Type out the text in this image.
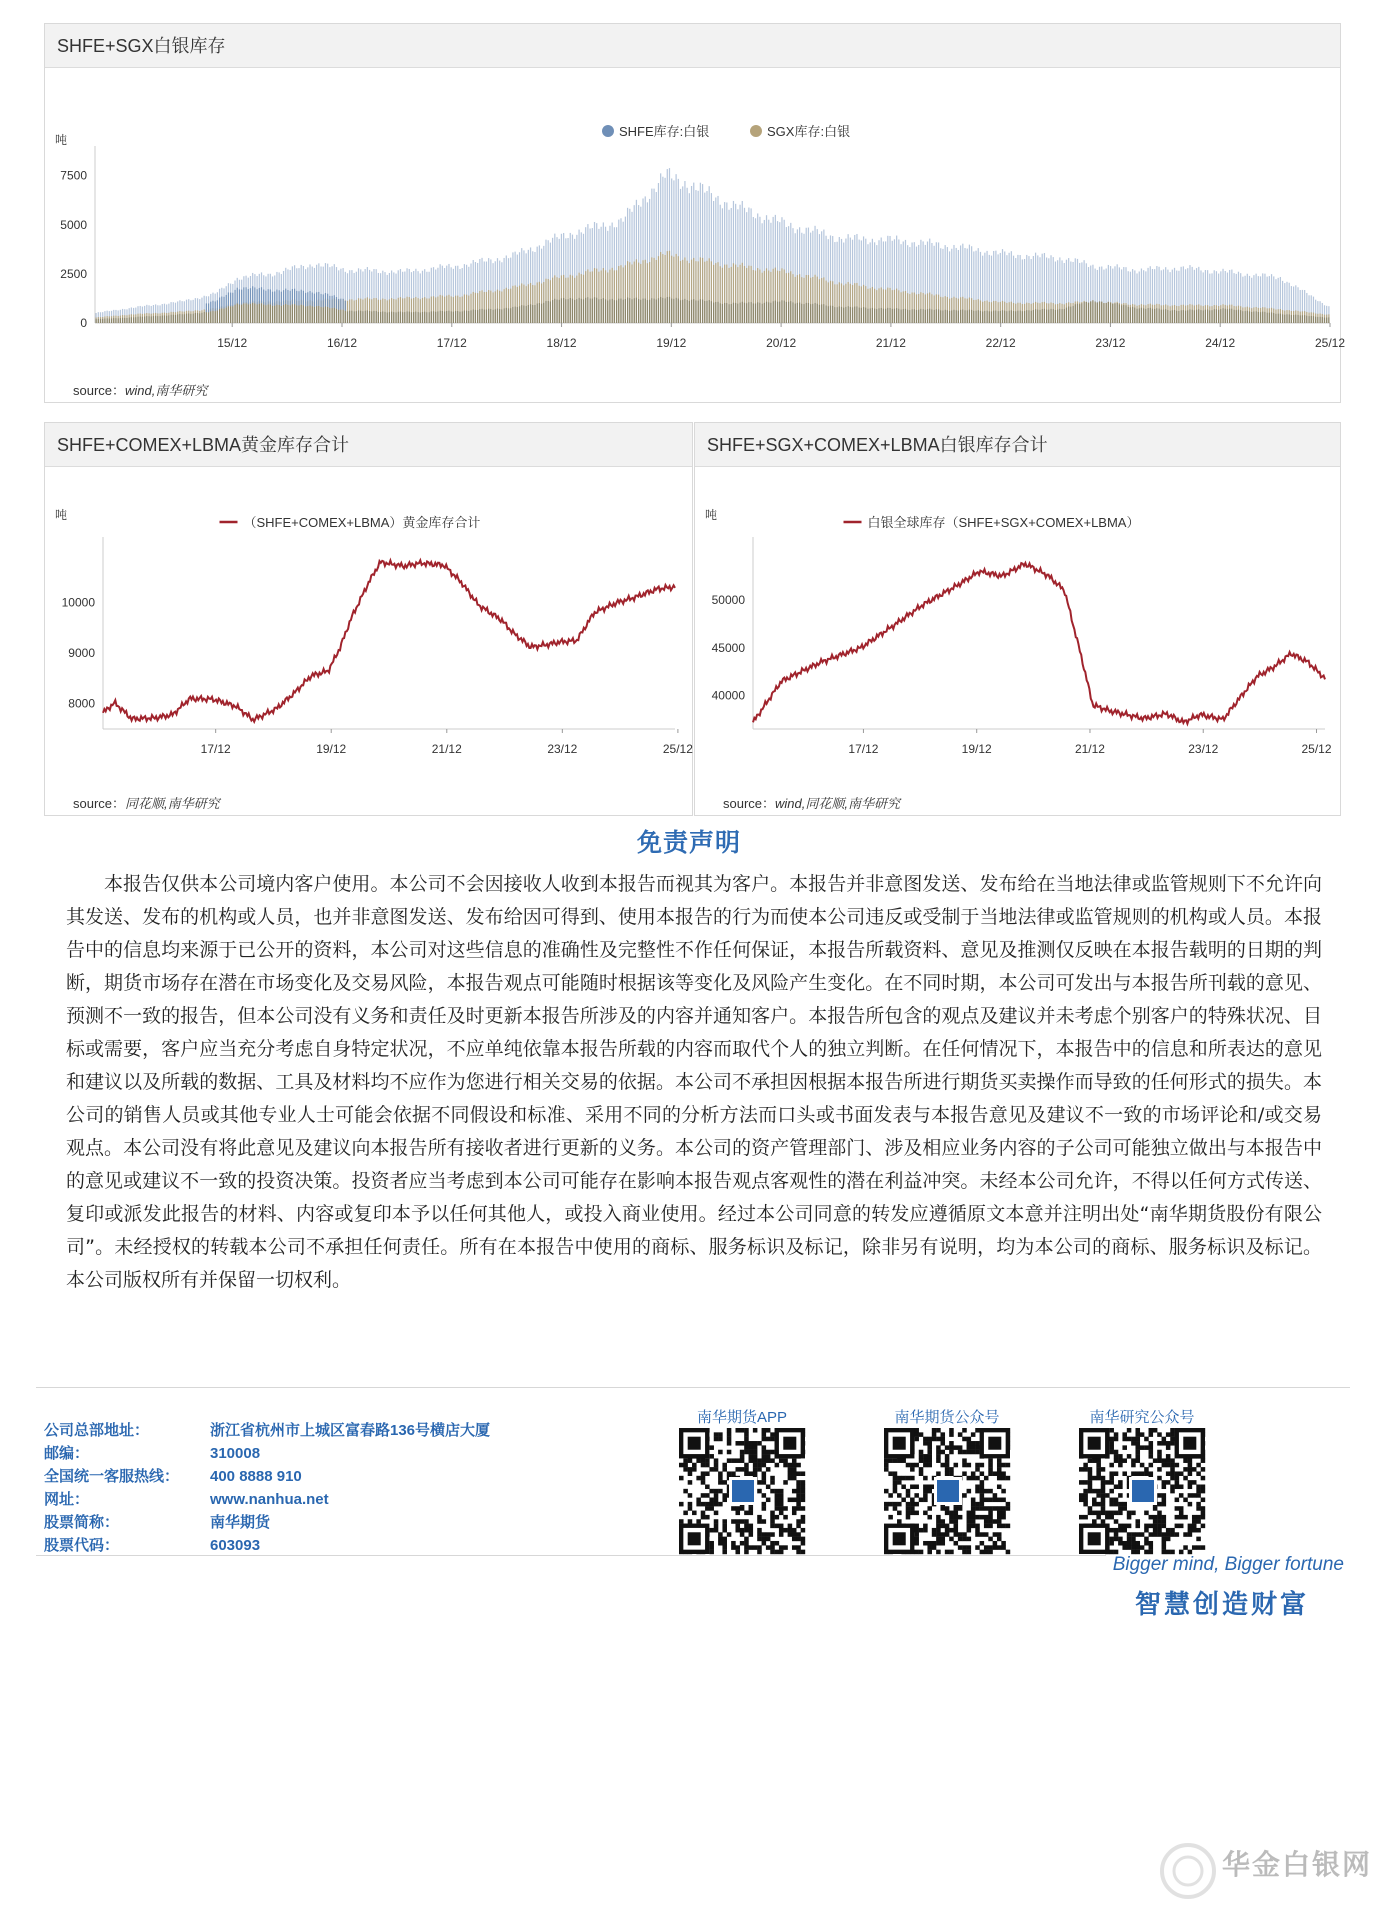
SHFE+SGX白银库存
吨
0
2500
5000
7500
15/12	16/12	17/12	18/12	19/12	20/12	21/12	22/12	23/12	24/12	25/12
SHFE库存:白银	SGX库存:白银
source：wind,南华研究
SHFE+COMEX+LBMA黄金库存合计
吨
8000
9000
10000
17/12	19/12	21/12	23/12	25/12
（SHFE+COMEX+LBMA）黄金库存合计
source：同花顺,南华研究
SHFE+SGX+COMEX+LBMA白银库存合计
吨
40000
45000
50000
17/12	19/12	21/12	23/12	25/12
白银全球库存（SHFE+SGX+COMEX+LBMA）
source：wind,同花顺,南华研究
免责声明
本报告仅供本公司境内客户使用。本公司不会因接收人收到本报告而视其为客户。本报告并非意图发送、发布给在当地法律或监管规则下不允许向其发送、发布的机构或人员，也并非意图发送、发布给因可得到、使用本报告的行为而使本公司违反或受制于当地法律或监管规则的机构或人员。本报告中的信息均来源于已公开的资料，本公司对这些信息的准确性及完整性不作任何保证，本报告所载资料、意见及推测仅反映在本报告载明的日期的判断，期货市场存在潜在市场变化及交易风险，本报告观点可能随时根据该等变化及风险产生变化。在不同时期，本公司可发出与本报告所刊载的意见、预测不一致的报告，但本公司没有义务和责任及时更新本报告所涉及的内容并通知客户。本报告所包含的观点及建议并未考虑个别客户的特殊状况、目标或需要，客户应当充分考虑自身特定状况，不应单纯依靠本报告所载的内容而取代个人的独立判断。在任何情况下，本报告中的信息和所表达的意见和建议以及所载的数据、工具及材料均不应作为您进行相关交易的依据。本公司不承担因根据本报告所进行期货买卖操作而导致的任何形式的损失。本公司的销售人员或其他专业人士可能会依据不同假设和标准、采用不同的分析方法而口头或书面发表与本报告意见及建议不一致的市场评论和/或交易观点。本公司没有将此意见及建议向本报告所有接收者进行更新的义务。本公司的资产管理部门、涉及相应业务内容的子公司可能独立做出与本报告中的意见或建议不一致的投资决策。投资者应当考虑到本公司可能存在影响本报告观点客观性的潜在利益冲突。未经本公司允许，不得以任何方式传送、复印或派发此报告的材料、内容或复印本予以任何其他人，或投入商业使用。经过本公司同意的转发应遵循原文本意并注明出处“南华期货股份有限公司”。未经授权的转载本公司不承担任何责任。所有在本报告中使用的商标、服务标识及标记，除非另有说明，均为本公司的商标、服务标识及标记。本公司版权所有并保留一切权利。
公司总部地址：	浙江省杭州市上城区富春路136号横店大厦
邮编：	310008
全国统一客服热线： 400 8888 910
网址：	www.nanhua.net
股票简称：	南华期货
股票代码：	603093
南华期货APP	南华期货公众号	南华研究公众号
Bigger mind, Bigger fortune
智慧创造财富
华金白银网
